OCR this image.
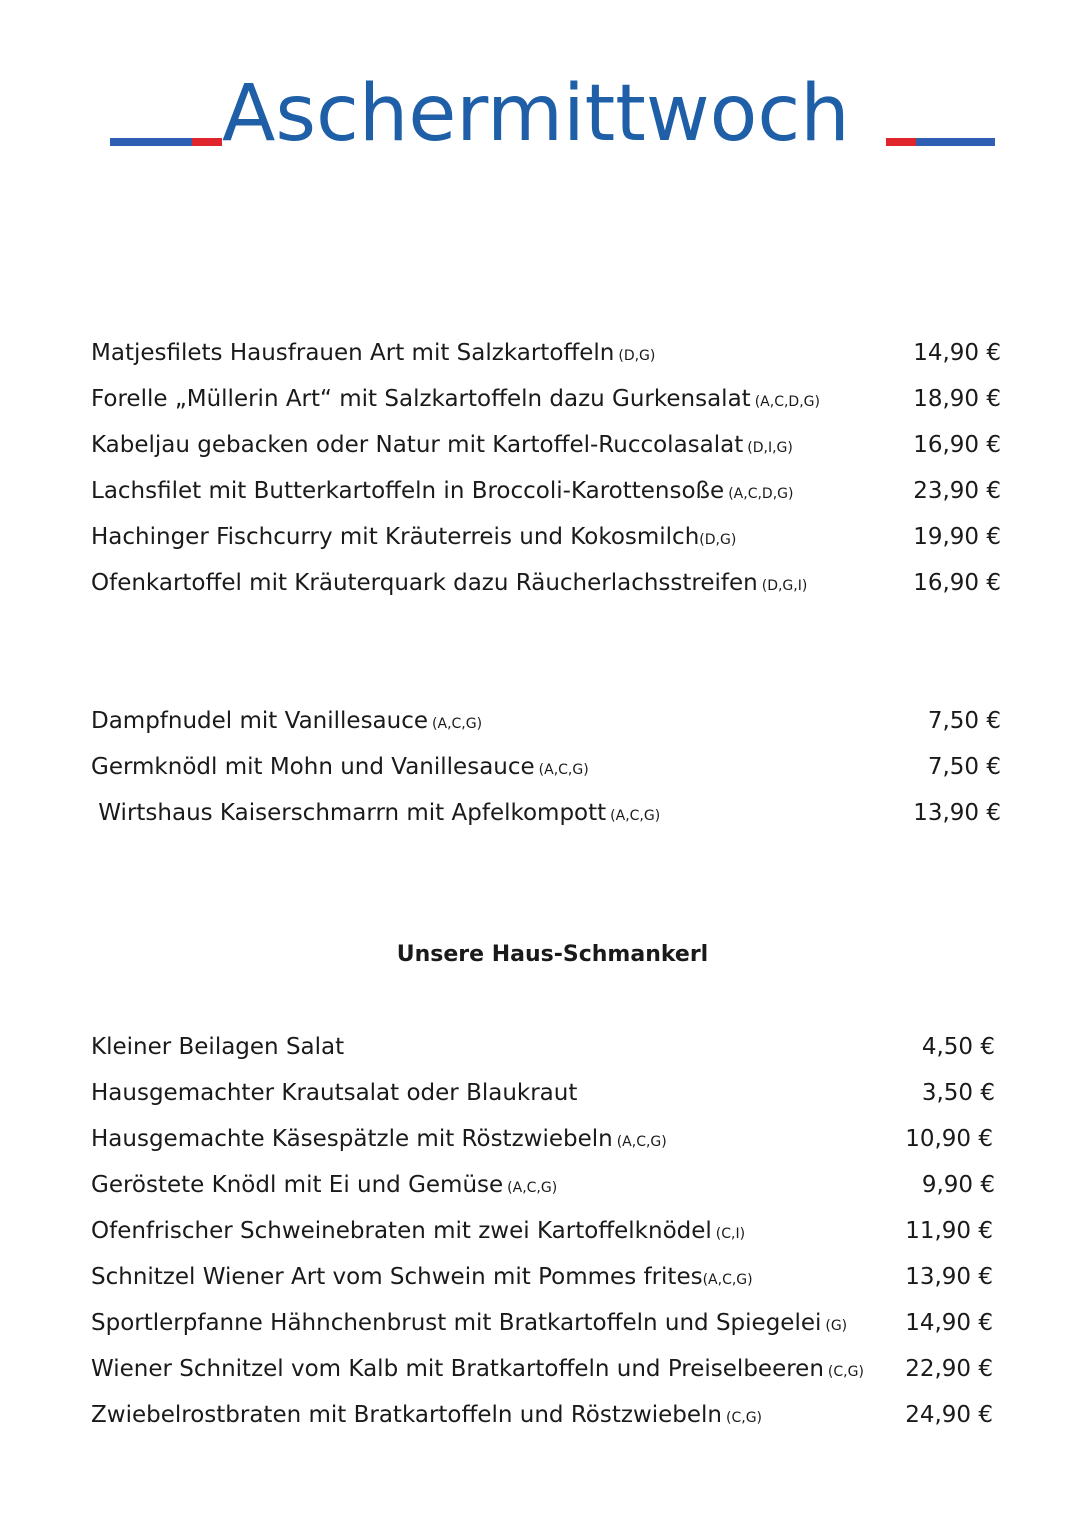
Aschermittwoch
Matjesfilets Hausfrauen Art mit Salzkartoffeln (D,G)	14,90 €
Forelle „Müllerin Art“ mit Salzkartoffeln dazu Gurkensalat (A,C,D,G)	18,90 €
Kabeljau gebacken oder Natur mit Kartoffel-Ruccolasalat (D,I,G)	16,90 €
Lachsfilet mit Butterkartoffeln in Broccoli-Karottensoße (A,C,D,G)	23,90 €
Hachinger Fischcurry mit Kräuterreis und Kokosmilch(D,G)	19,90 €
Ofenkartoffel mit Kräuterquark dazu Räucherlachsstreifen (D,G,I)	16,90 €
Dampfnudel mit Vanillesauce (A,C,G)	7,50 €
Germknödl mit Mohn und Vanillesauce (A,C,G)	7,50 €
Wirtshaus Kaiserschmarrn mit Apfelkompott (A,C,G)	13,90 €
Unsere Haus-Schmankerl
Kleiner Beilagen Salat	4,50 €
Hausgemachter Krautsalat oder Blaukraut	3,50 €
Hausgemachte Käsespätzle mit Röstzwiebeln (A,C,G)	10,90 €
Geröstete Knödl mit Ei und Gemüse (A,C,G)	9,90 €
Ofenfrischer Schweinebraten mit zwei Kartoffelknödel (C,I)	11,90 €
Schnitzel Wiener Art vom Schwein mit Pommes frites(A,C,G)	13,90 €
Sportlerpfanne Hähnchenbrust mit Bratkartoffeln und Spiegelei (G)	14,90 €
Wiener Schnitzel vom Kalb mit Bratkartoffeln und Preiselbeeren (C,G) 22,90 €
Zwiebelrostbraten mit Bratkartoffeln und Röstzwiebeln (C,G)	24,90 €
